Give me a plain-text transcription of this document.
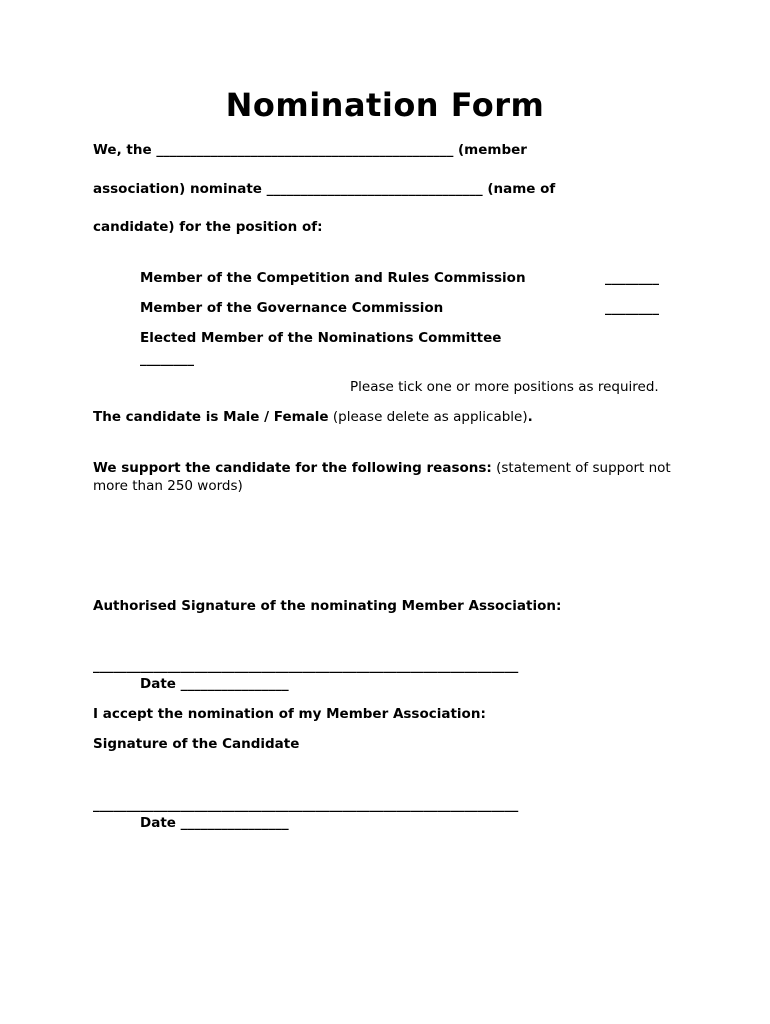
Nomination Form

We, the ____________________________________________ (member

association) nominate ________________________________ (name of

candidate) for the position of:

Member of the Competition and Rules Commission	________

Member of the Governance Commission	________

Elected Member of the Nominations Committee

________

Please tick one or more positions as required.

The candidate is Male / Female (please delete as applicable).

We support the candidate for the following reasons: (statement of support not more than 250 words)

Authorised Signature of the nominating Member Association:

_______________________________________________________________

Date ________________

I accept the nomination of my Member Association:

Signature of the Candidate

_______________________________________________________________

Date ________________
